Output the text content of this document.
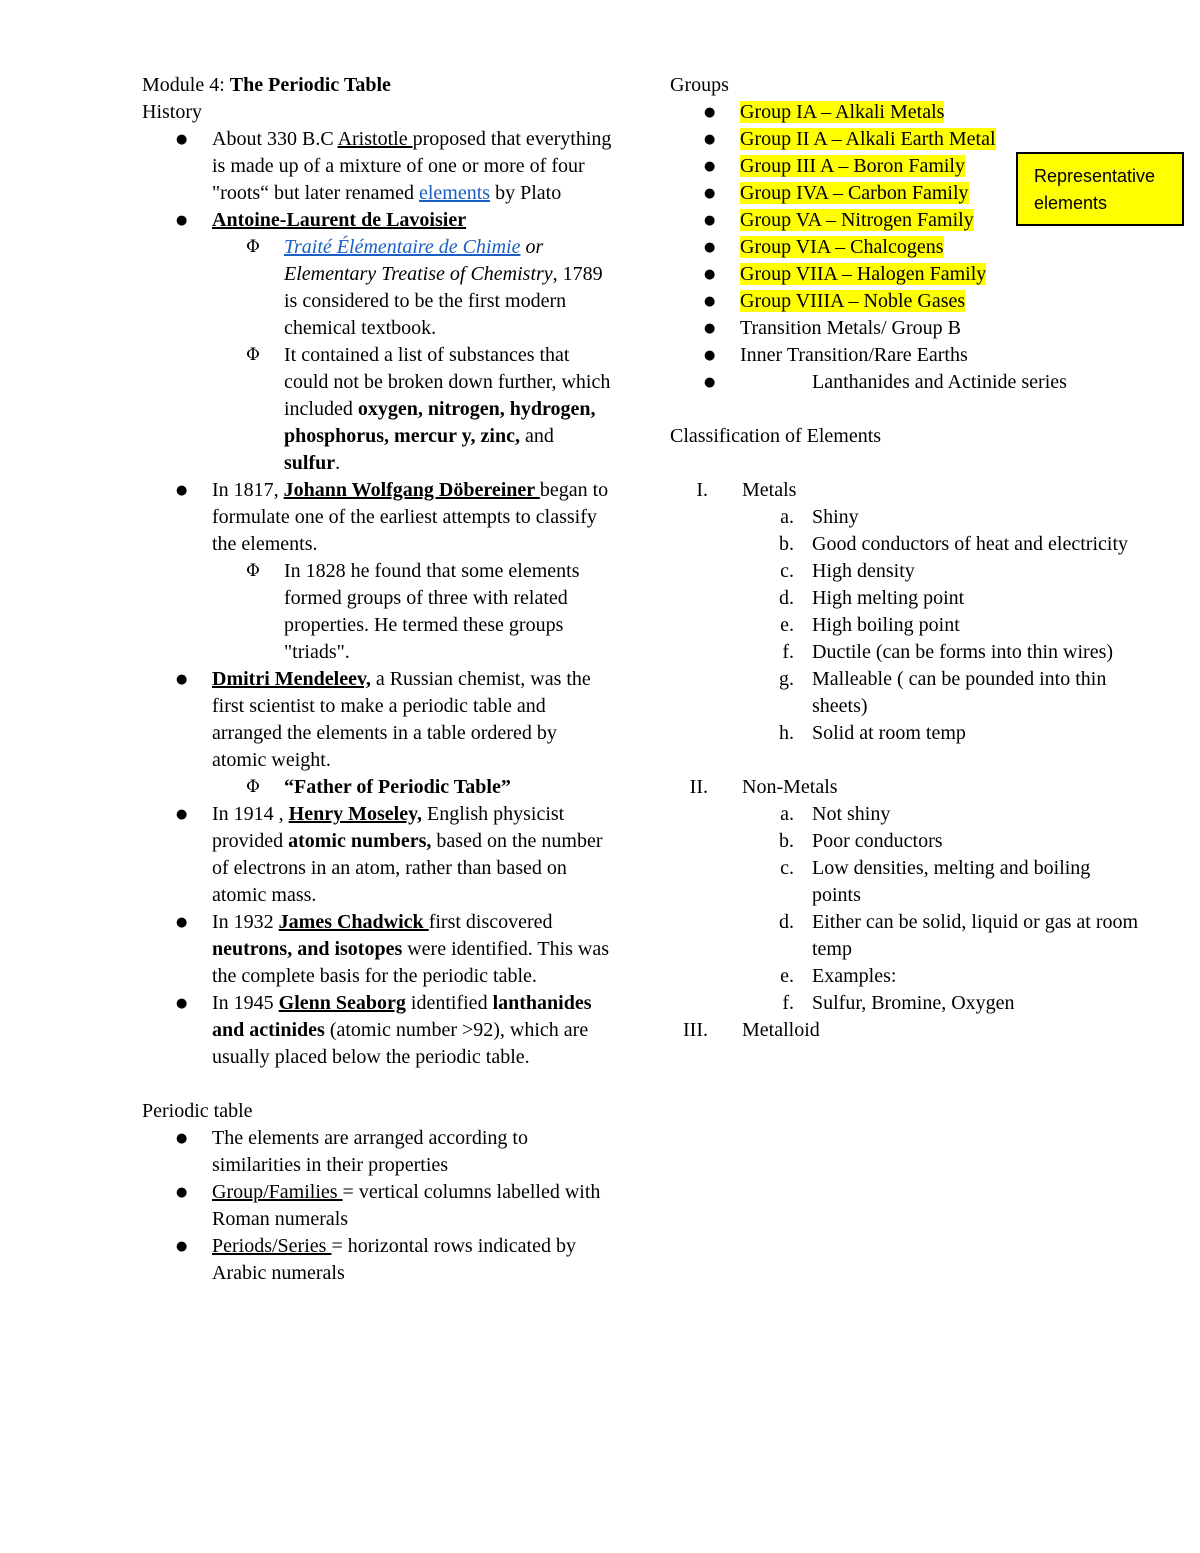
Module 4: The Periodic Table

History

● About 330 B.C Aristotle proposed that everything is made up of a mixture of one or more of four "roots“ but later renamed elements by Plato

● Antoine-Laurent de Lavoisier

Φ Traité Élémentaire de Chimie or Elementary Treatise of Chemistry, 1789 is considered to be the first modern chemical textbook.

Φ It contained a list of substances that could not be broken down further, which included oxygen, nitrogen, hydrogen, phosphorus, mercur y, zinc, and sulfur.

● In 1817, Johann Wolfgang Döbereiner began to formulate one of the earliest attempts to classify the elements.

Φ In 1828 he found that some elements formed groups of three with related properties. He termed these groups "triads".

● Dmitri Mendeleev, a Russian chemist, was the first scientist to make a periodic table and arranged the elements in a table ordered by atomic weight.

Φ “Father of Periodic Table”

● In 1914 , Henry Moseley, English physicist provided atomic numbers, based on the number of electrons in an atom, rather than based on atomic mass.

● In 1932 James Chadwick first discovered neutrons, and isotopes were identified. This was the complete basis for the periodic table.

● In 1945 Glenn Seaborg identified lanthanides and actinides (atomic number >92), which are usually placed below the periodic table.

Periodic table

● The elements are arranged according to similarities in their properties

● Group/Families = vertical columns labelled with Roman numerals

● Periods/Series = horizontal rows indicated by Arabic numerals

Groups

● Group IA – Alkali Metals

● Group II A – Alkali Earth Metal

● Group III A – Boron Family

● Group IVA – Carbon Family

● Group VA – Nitrogen Family

● Group VIA – Chalcogens

● Group VIIA – Halogen Family

● Group VIIIA – Noble Gases

● Transition Metals/ Group B

● Inner Transition/Rare Earths

● Lanthanides and Actinide series

Classification of Elements

I. Metals

a. Shiny

b. Good conductors of heat and electricity

c. High density

d. High melting point

e. High boiling point

f. Ductile (can be forms into thin wires)

g. Malleable ( can be pounded into thin sheets)

h. Solid at room temp

II. Non-Metals

a. Not shiny

b. Poor conductors

c. Low densities, melting and boiling points

d. Either can be solid, liquid or gas at room temp

e. Examples:

f. Sulfur, Bromine, Oxygen

III. Metalloid

Representative elements
